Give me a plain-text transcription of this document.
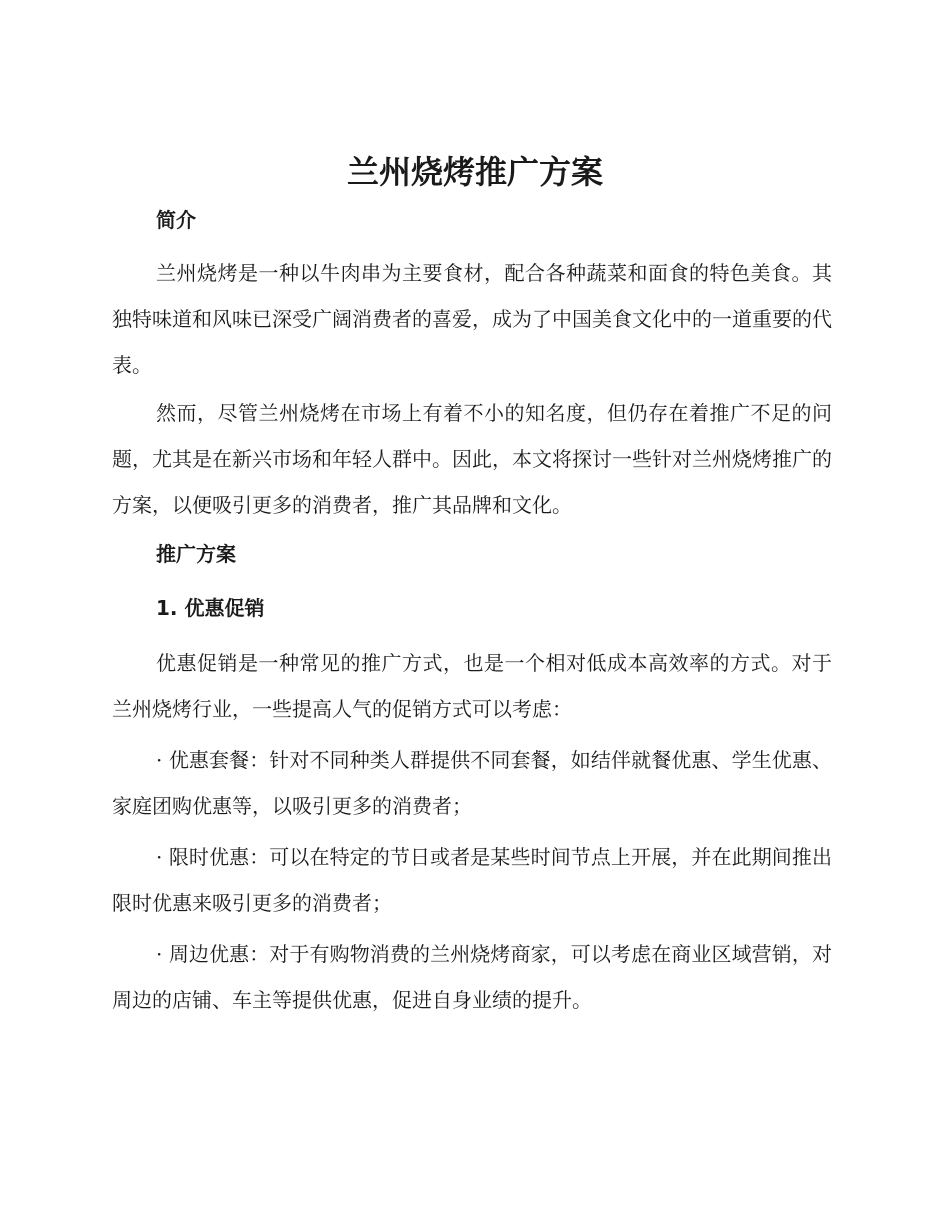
兰州烧烤推广方案
简介

兰州烧烤是一种以牛肉串为主要食材，配合各种蔬菜和面食的特色美食。其独特味道和风味已深受广阔消费者的喜爱，成为了中国美食文化中的一道重要的代表。

然而，尽管兰州烧烤在市场上有着不小的知名度，但仍存在着推广不足的问题，尤其是在新兴市场和年轻人群中。因此，本文将探讨一些针对兰州烧烤推广的方案，以便吸引更多的消费者，推广其品牌和文化。

推广方案
1. 优惠促销

优惠促销是一种常见的推广方式，也是一个相对低成本高效率的方式。对于兰州烧烤行业，一些提高人气的促销方式可以考虑：

· 优惠套餐：针对不同种类人群提供不同套餐，如结伴就餐优惠、学生优惠、家庭团购优惠等，以吸引更多的消费者；

· 限时优惠：可以在特定的节日或者是某些时间节点上开展，并在此期间推出限时优惠来吸引更多的消费者；

· 周边优惠：对于有购物消费的兰州烧烤商家，可以考虑在商业区域营销，对周边的店铺、车主等提供优惠，促进自身业绩的提升。
